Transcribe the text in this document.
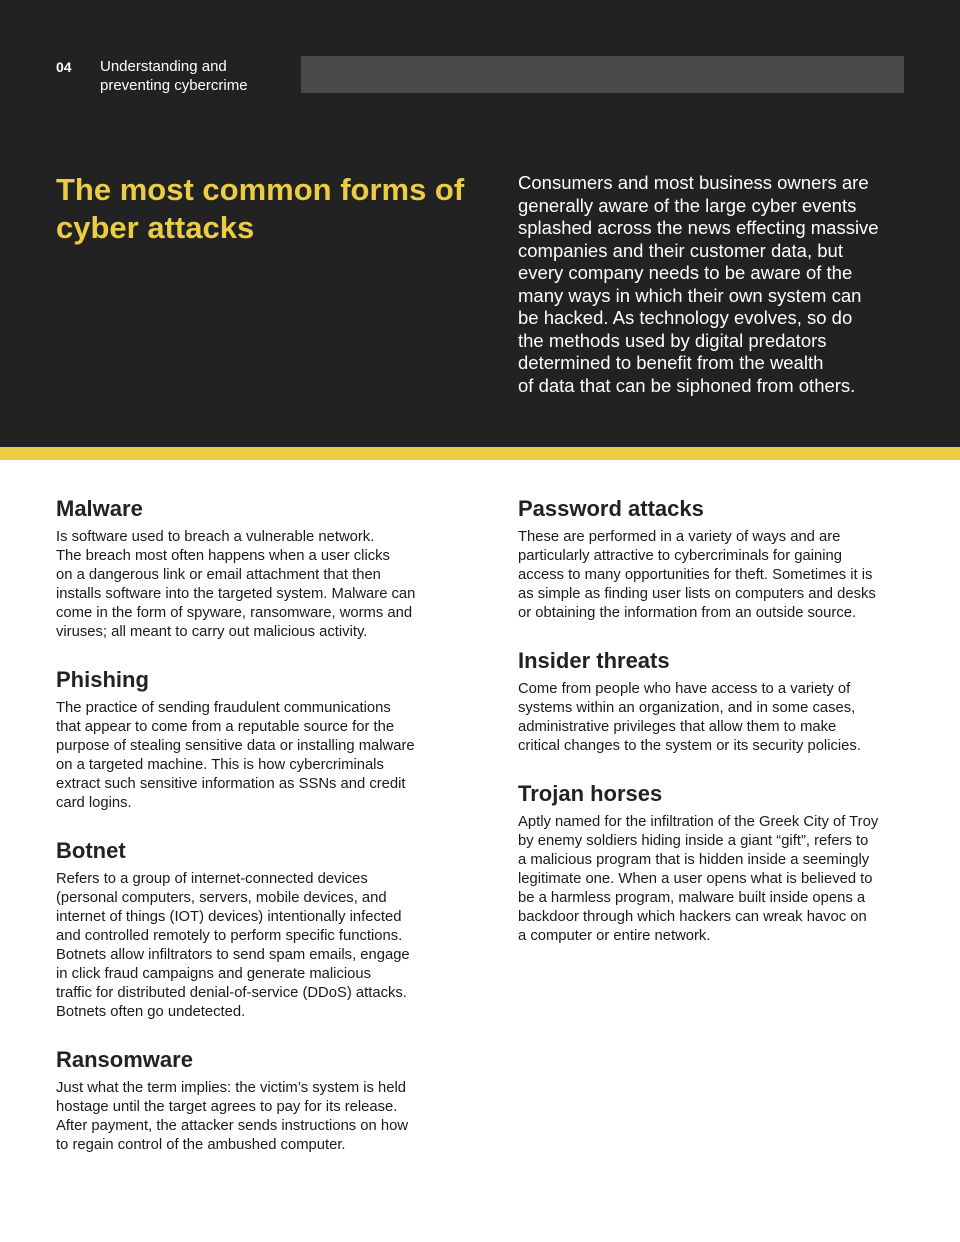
04 Understanding and preventing cybercrime
The most common forms of cyber attacks
Consumers and most business owners are
generally aware of the large cyber events
splashed across the news effecting massive
companies and their customer data, but
every company needs to be aware of the
many ways in which their own system can
be hacked. As technology evolves, so do
the methods used by digital predators
determined to benefit from the wealth
of data that can be siphoned from others.
Malware

Is software used to breach a vulnerable network.
The breach most often happens when a user clicks
on a dangerous link or email attachment that then
installs software into the targeted system. Malware can
come in the form of spyware, ransomware, worms and
viruses; all meant to carry out malicious activity.

Phishing

The practice of sending fraudulent communications
that appear to come from a reputable source for the
purpose of stealing sensitive data or installing malware
on a targeted machine. This is how cybercriminals
extract such sensitive information as SSNs and credit
card logins.

Botnet

Refers to a group of internet-connected devices
(personal computers, servers, mobile devices, and
internet of things (IOT) devices) intentionally infected
and controlled remotely to perform specific functions.
Botnets allow infiltrators to send spam emails, engage
in click fraud campaigns and generate malicious
traffic for distributed denial-of-service (DDoS) attacks.
Botnets often go undetected.

Ransomware

Just what the term implies: the victim’s system is held
hostage until the target agrees to pay for its release.
After payment, the attacker sends instructions on how
to regain control of the ambushed computer.

Password attacks

These are performed in a variety of ways and are
particularly attractive to cybercriminals for gaining
access to many opportunities for theft. Sometimes it is
as simple as finding user lists on computers and desks
or obtaining the information from an outside source.

Insider threats

Come from people who have access to a variety of
systems within an organization, and in some cases,
administrative privileges that allow them to make
critical changes to the system or its security policies.

Trojan horses

Aptly named for the infiltration of the Greek City of Troy
by enemy soldiers hiding inside a giant “gift”, refers to
a malicious program that is hidden inside a seemingly
legitimate one. When a user opens what is believed to
be a harmless program, malware built inside opens a
backdoor through which hackers can wreak havoc on
a computer or entire network.
